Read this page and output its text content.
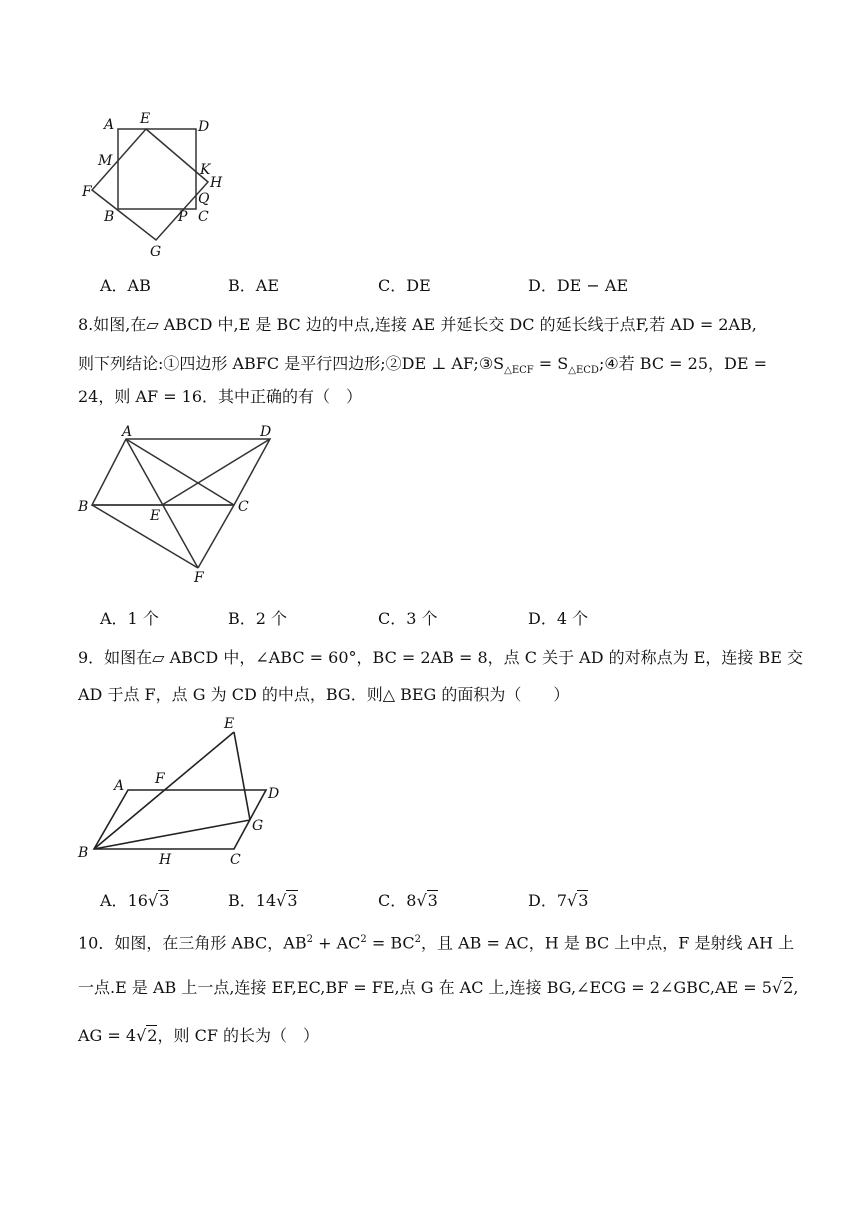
A E	D
M
K
H
F	Q
B	P C
G
A．AB	B．AE	C．DE	D．DE − AE
8.如图,在▱ ABCD 中,E 是 BC 边的中点,连接 AE 并延长交 DC 的延长线于点F,若 AD = 2AB,
则下列结论:①四边形 ABFC 是平行四边形;②DE ⊥ $AF;③S_{\triangle ECF}$ = $S_{\triangle ECD};④$若 BC = 25，DE =
24，则 AF = 16．其中正确的有（　）
A	D
B
E
C
F
A．1 个	B．2 个	C．3 个	D．4 个
9．如图在▱ ABCD 中，∠ABC = 60°，BC = 2AB = 8，点 C 关于 AD 的对称点为 E，连接 BE 交
AD 于点 F，点 G 为 CD 的中点，BG．则△ BEG 的面积为（　　）
E
A F
D
G
B	H	C
A．16√3	B．14√3	C．8√3	D．7√3
10．如图，在三角形 ABC，$AB^2 + AC^2 = BC^2$，且 AB = AC，H 是 BC 上中点，F 是射线 AH 上
一点.E 是 AB 上一点,连接 EF,EC,BF = FE,点 G 在 AC 上,连接 BG,∠ECG = 2∠GBC,AE = 5√2,
AG = 4√2，则 CF 的长为（　）
